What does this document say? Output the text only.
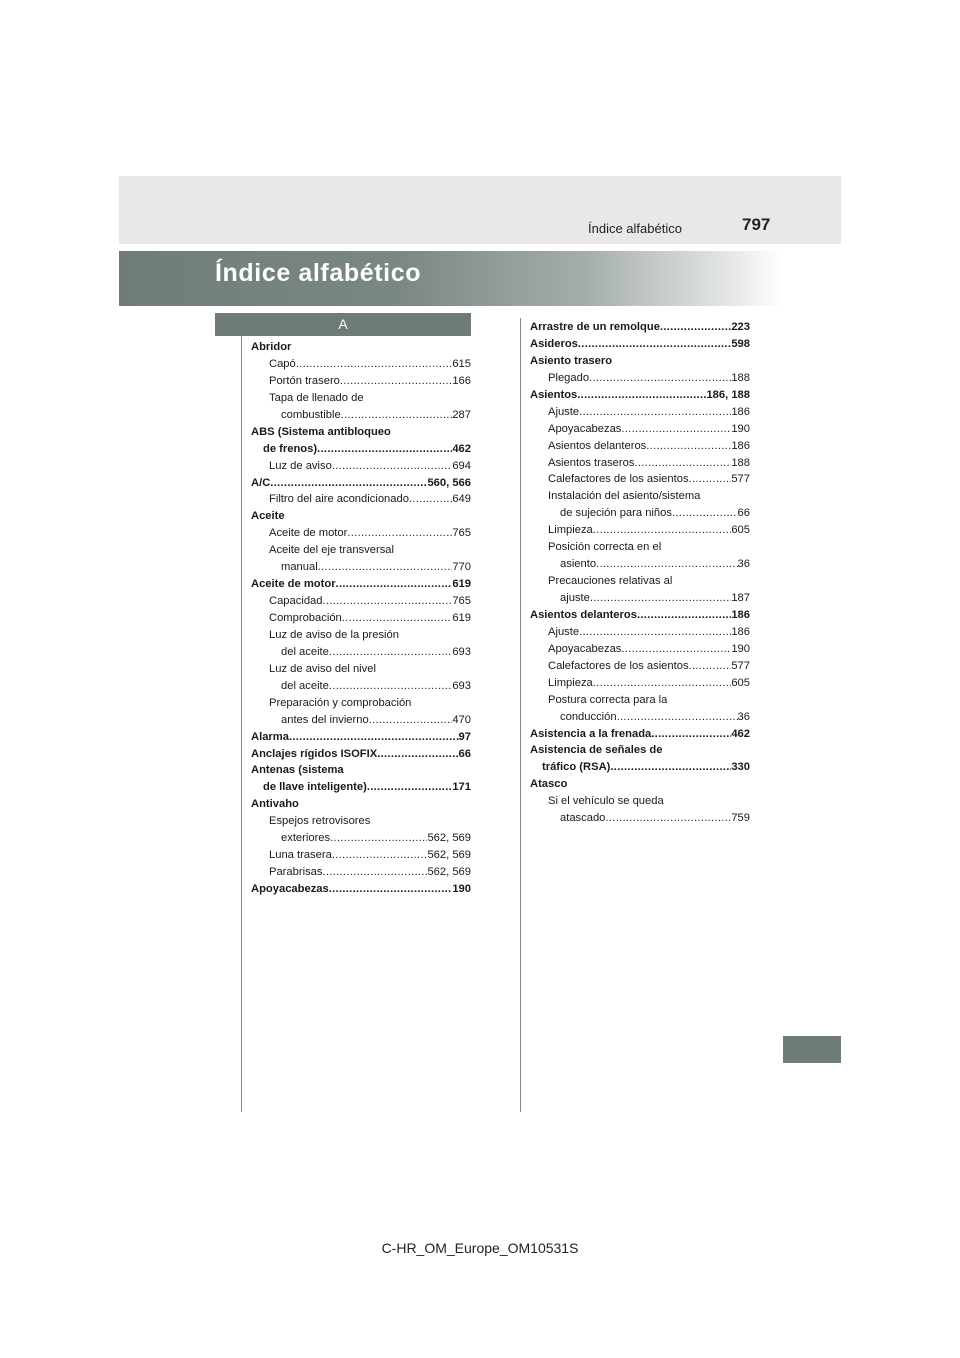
Índice alfabético	797
Índice alfabético
A
Abridor
Capó .....	615
Portón trasero .....	166
Tapa de llenado de
combustible .....	287
ABS (Sistema antibloqueo
de frenos) .....	462
Luz de aviso .....	694
A/C .....	560, 566
Filtro del aire acondicionado .....	649
Aceite
Aceite de motor .....	765
Aceite del eje transversal
manual .....	770
Aceite de motor .....	619
Capacidad .....	765
Comprobación .....	619
Luz de aviso de la presión
del aceite .....	693
Luz de aviso del nivel
del aceite .....	693
Preparación y comprobación
antes del invierno .....	470
Alarma .....	97
Anclajes rígidos ISOFIX .....	66
Antenas (sistema
de llave inteligente) .....	171
Antivaho
Espejos retrovisores
exteriores .....	562, 569
Luna trasera .....	562, 569
Parabrisas .....	562, 569
Apoyacabezas .....	190
Arrastre de un remolque .....	223
Asideros .....	598
Asiento trasero
Plegado .....	188
Asientos .....	186, 188
Ajuste .....	186
Apoyacabezas .....	190
Asientos delanteros .....	186
Asientos traseros .....	188
Calefactores de los asientos .....	577
Instalación del asiento/sistema
de sujeción para niños .....	66
Limpieza .....	605
Posición correcta en el
asiento .....	36
Precauciones relativas al
ajuste .....	187
Asientos delanteros .....	186
Ajuste .....	186
Apoyacabezas .....	190
Calefactores de los asientos .....	577
Limpieza .....	605
Postura correcta para la
conducción .....	36
Asistencia a la frenada .....	462
Asistencia de señales de
tráfico (RSA) .....	330
Atasco
Si el vehículo se queda
atascado .....	759
C-HR_OM_Europe_OM10531S
